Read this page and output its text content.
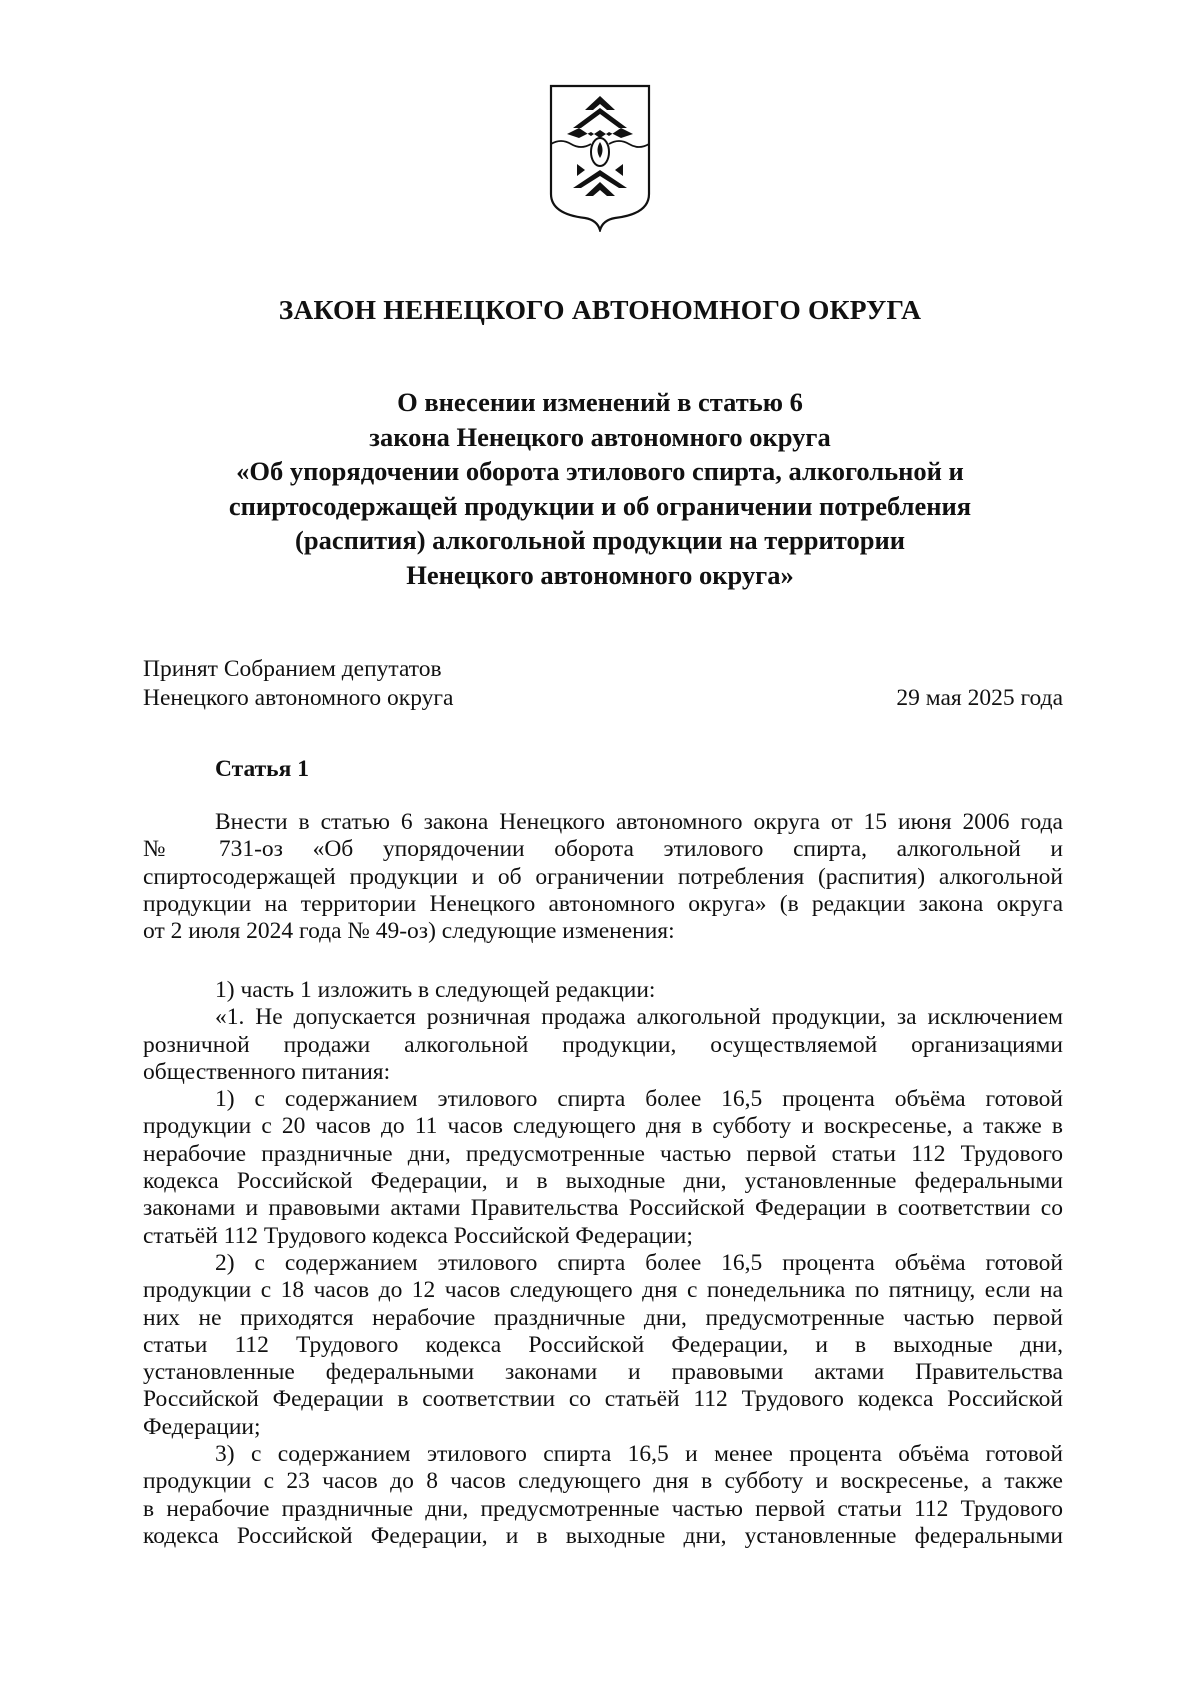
ЗАКОН НЕНЕЦКОГО АВТОНОМНОГО ОКРУГА
О внесении изменений в статью 6
закона Ненецкого автономного округа
«Об упорядочении оборота этилового спирта, алкогольной и
спиртосодержащей продукции и об ограничении потребления
(распития) алкогольной продукции на территории
Ненецкого автономного округа»
Принят Собранием депутатов
Ненецкого автономного округа	29 мая 2025 года
Статья 1
Внести в статью 6 закона Ненецкого автономного округа от 15 июня 2006 года
№ 731-оз «Об упорядочении оборота этилового спирта, алкогольной и
спиртосодержащей продукции и об ограничении потребления (распития) алкогольной
продукции на территории Ненецкого автономного округа» (в редакции закона округа
от 2 июля 2024 года № 49-оз) следующие изменения:
1) часть 1 изложить в следующей редакции:
«1. Не допускается розничная продажа алкогольной продукции, за исключением
розничной продажи алкогольной продукции, осуществляемой организациями
общественного питания:
1) с содержанием этилового спирта более 16,5 процента объёма готовой
продукции с 20 часов до 11 часов следующего дня в субботу и воскресенье, а также в
нерабочие праздничные дни, предусмотренные частью первой статьи 112 Трудового
кодекса Российской Федерации, и в выходные дни, установленные федеральными
законами и правовыми актами Правительства Российской Федерации в соответствии со
статьёй 112 Трудового кодекса Российской Федерации;
2) с содержанием этилового спирта более 16,5 процента объёма готовой
продукции с 18 часов до 12 часов следующего дня с понедельника по пятницу, если на
них не приходятся нерабочие праздничные дни, предусмотренные частью первой
статьи 112 Трудового кодекса Российской Федерации, и в выходные дни,
установленные федеральными законами и правовыми актами Правительства
Российской Федерации в соответствии со статьёй 112 Трудового кодекса Российской
Федерации;
3) с содержанием этилового спирта 16,5 и менее процента объёма готовой
продукции с 23 часов до 8 часов следующего дня в субботу и воскресенье, а также
в нерабочие праздничные дни, предусмотренные частью первой статьи 112 Трудового
кодекса Российской Федерации, и в выходные дни, установленные федеральными
